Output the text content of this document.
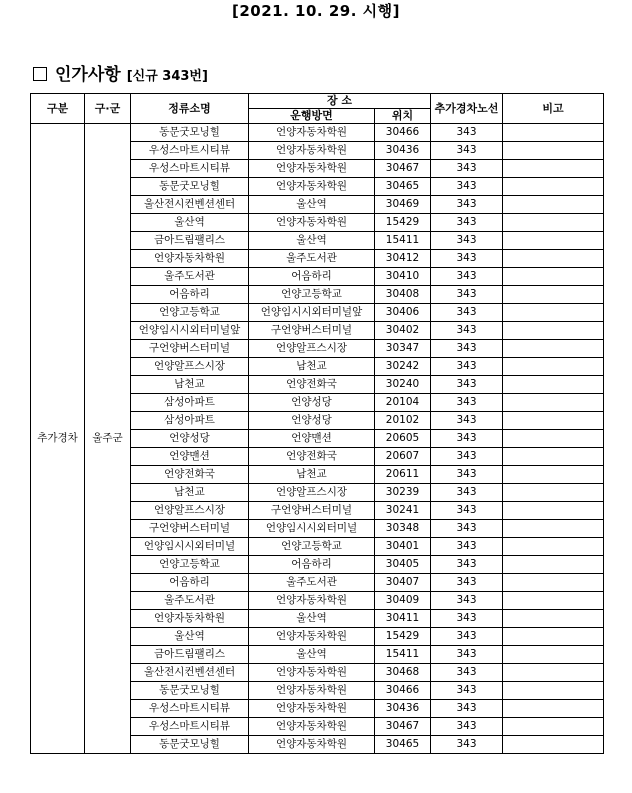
[2021. 10. 29. 시행]
인가사항 [신규 343번]
구분	구·군	정류소명	장 소		추가경차노선	비고
			운행방면	위치		
추가경차	울주군	동문굿모닝힐	언양자동차학원	30466	343	
		우성스마트시티뷰	언양자동차학원	30436	343	
		우성스마트시티뷰	언양자동차학원	30467	343	
		동문굿모닝힐	언양자동차학원	30465	343	
		울산전시컨벤션센터	울산역	30469	343	
		울산역	언양자동차학원	15429	343	
		금아드림팰리스	울산역	15411	343	
		언양자동차학원	울주도서관	30412	343	
		울주도서관	어음하리	30410	343	
		어음하리	언양고등학교	30408	343	
		언양고등학교	언양임시시외터미널앞	30406	343	
		언양임시시외터미널앞	구언양버스터미널	30402	343	
		구언양버스터미널	언양알프스시장	30347	343	
		언양알프스시장	남천교	30242	343	
		남천교	언양전화국	30240	343	
		삼성아파트	언양성당	20104	343	
		삼성아파트	언양성당	20102	343	
		언양성당	언양맨션	20605	343	
		언양맨션	언양전화국	20607	343	
		언양전화국	남천교	20611	343	
		남천교	언양알프스시장	30239	343	
		언양알프스시장	구언양버스터미널	30241	343	
		구언양버스터미널	언양임시시외터미널	30348	343	
		언양임시시외터미널	언양고등학교	30401	343	
		언양고등학교	어음하리	30405	343	
		어음하리	울주도서관	30407	343	
		울주도서관	언양자동차학원	30409	343	
		언양자동차학원	울산역	30411	343	
		울산역	언양자동차학원	15429	343	
		금아드림팰리스	울산역	15411	343	
		울산전시컨벤션센터	언양자동차학원	30468	343	
		동문굿모닝힐	언양자동차학원	30466	343	
		우성스마트시티뷰	언양자동차학원	30436	343	
		우성스마트시티뷰	언양자동차학원	30467	343	
		동문굿모닝힐	언양자동차학원	30465	343	
